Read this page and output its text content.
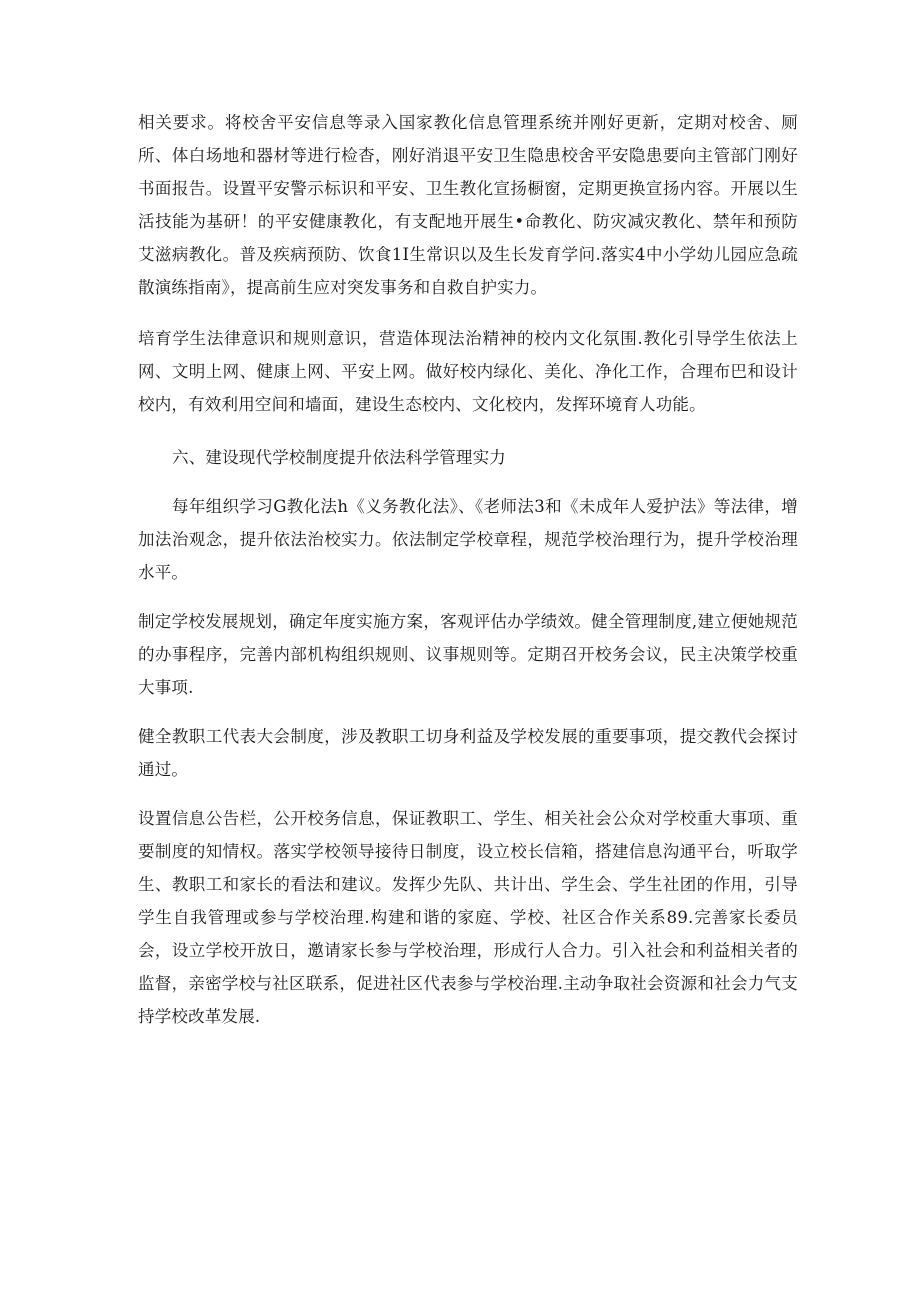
相关要求。将校舍平安信息等录入国家教化信息管理系统并刚好更新，定期对校舍、厕所、体白场地和器材等进行检杳，刚好消退平安卫生隐患校舍平安隐患要向主管部门刚好书面报告。设置平安警示标识和平安、卫生教化宣扬橱窗，定期更换宣扬内容。开展以生活技能为基研！的平安健康教化，有支配地开展生•命教化、防灾减灾教化、禁年和预防艾滋病教化。普及疾病预防、饮食1I生常识以及生长发育学问.落实4中小学幼儿园应急疏散演练指南》，提高前生应对突发事务和自救自护实力。

培育学生法律意识和规则意识，营造体现法治精神的校内文化氛围.教化引导学生依法上网、文明上网、健康上网、平安上网。做好校内绿化、美化、净化工作，合理布巴和设计校内，有效利用空间和墙面，建设生态校内、文化校内，发挥环境育人功能。

六、建设现代学校制度提升依法科学管理实力

每年组织学习G教化法h《义务教化法》、《老师法3和《未成年人爱护法》等法律，增加法治观念，提升依法治校实力。依法制定学校章程，规范学校治理行为，提升学校治理水平。

制定学校发展规划，确定年度实施方案，客观评估办学绩效。健全管理制度,建立便她规范的办事程序，完善内部机构组织规则、议事规则等。定期召开校务会议，民主决策学校重大事项.

健全教职工代表大会制度，涉及教职工切身利益及学校发展的重要事项，提交教代会探讨通过。

设置信息公告栏，公开校务信息，保证教职工、学生、相关社会公众对学校重大事项、重要制度的知情权。落实学校领导接待日制度，设立校长信箱，搭建信息沟通平台，听取学生、教职工和家长的看法和建议。发挥少先队、共计出、学生会、学生社团的作用，引导学生自我管理或参与学校治理.构建和谐的家庭、学校、社区合作关系89.完善家长委员会，设立学校开放日，邀请家长参与学校治理，形成行人合力。引入社会和利益相关者的监督，亲密学校与社区联系，促进社区代表参与学校治理.主动争取社会资源和社会力气支持学校改革发展.
